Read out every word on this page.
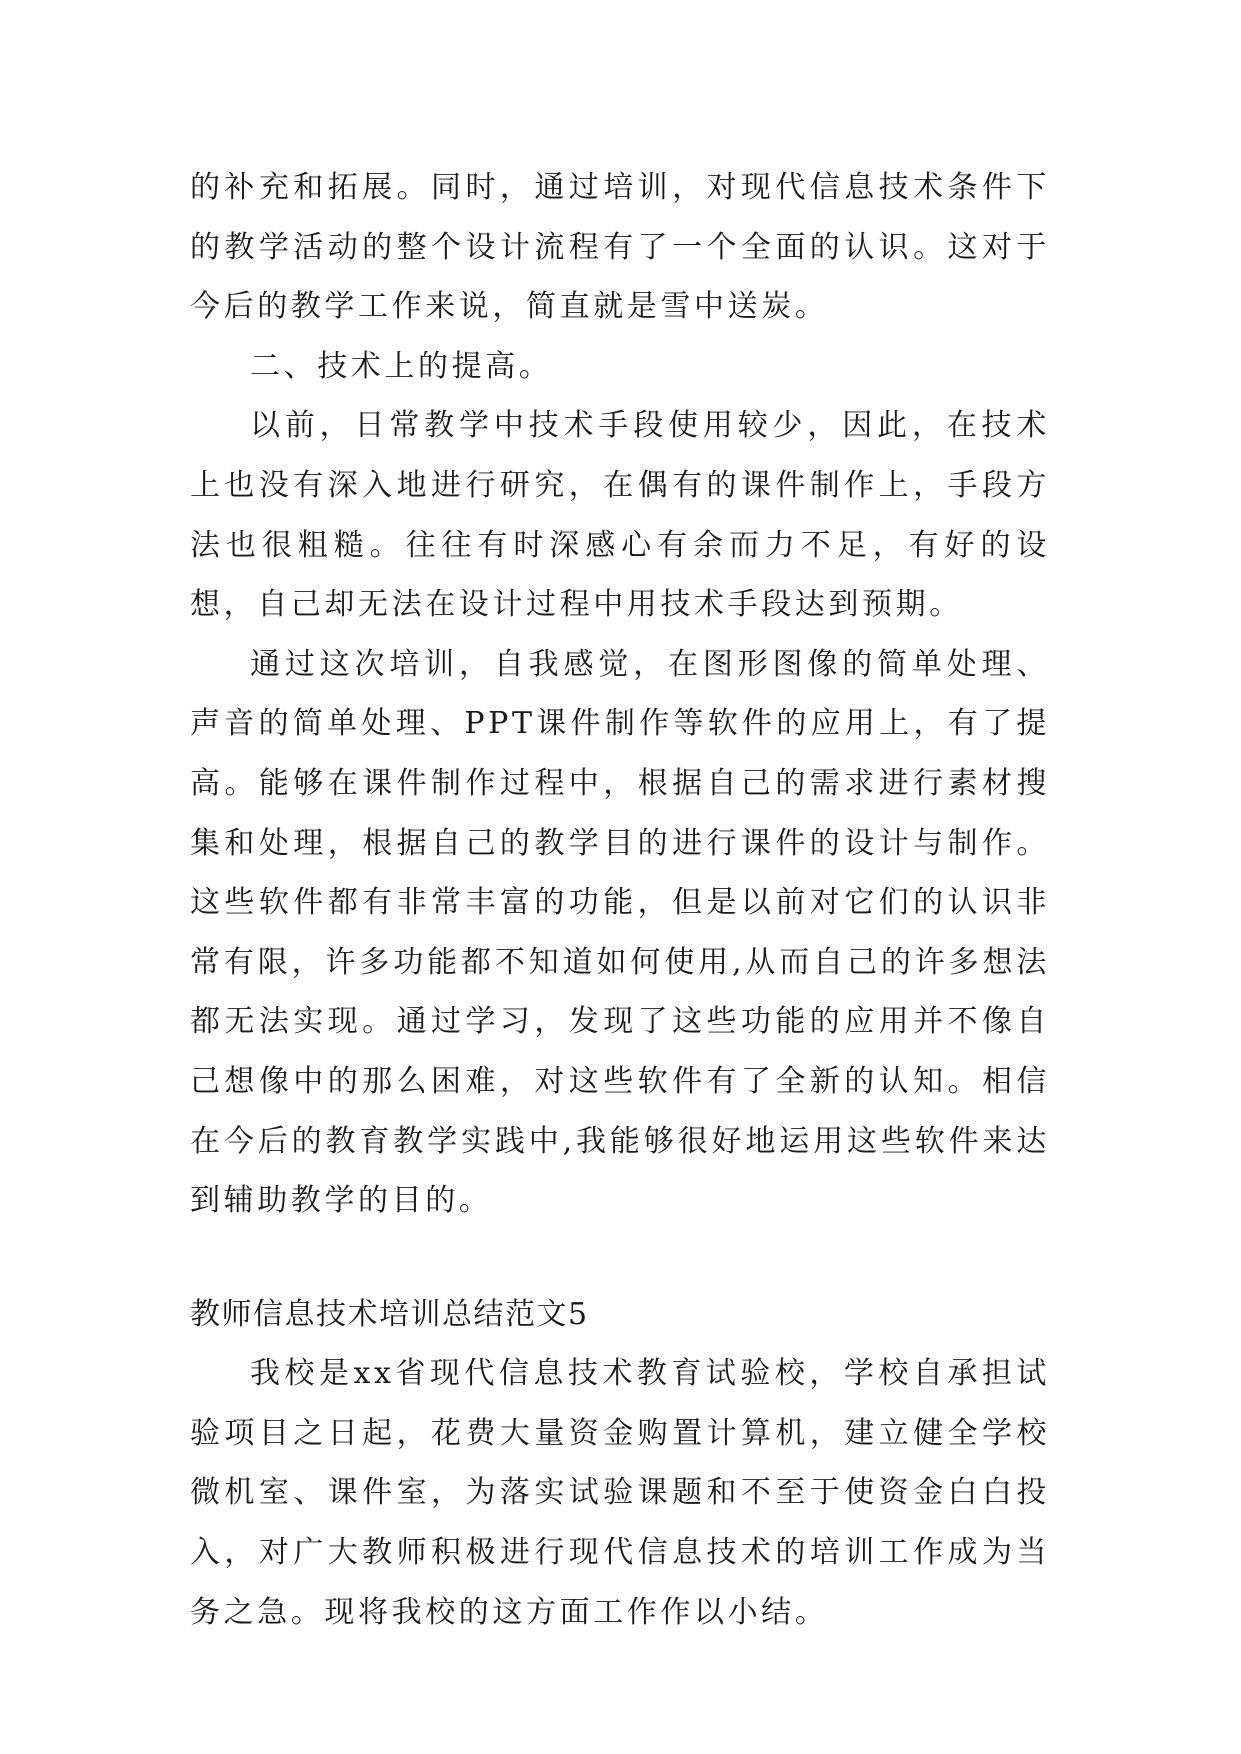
的补充和拓展。同时，通过培训，对现代信息技术条件下的教学活动的整个设计流程有了一个全面的认识。这对于今后的教学工作来说，简直就是雪中送炭。

二、技术上的提高。

以前，日常教学中技术手段使用较少，因此，在技术上也没有深入地进行研究，在偶有的课件制作上，手段方法也很粗糙。往往有时深感心有余而力不足，有好的设想，自己却无法在设计过程中用技术手段达到预期。

通过这次培训，自我感觉，在图形图像的简单处理、声音的简单处理、PPT课件制作等软件的应用上，有了提高。能够在课件制作过程中，根据自己的需求进行素材搜集和处理，根据自己的教学目的进行课件的设计与制作。这些软件都有非常丰富的功能，但是以前对它们的认识非常有限，许多功能都不知道如何使用,从而自己的许多想法都无法实现。通过学习，发现了这些功能的应用并不像自己想像中的那么困难，对这些软件有了全新的认知。相信在今后的教育教学实践中,我能够很好地运用这些软件来达到辅助教学的目的。

教师信息技术培训总结范文5

我校是xx省现代信息技术教育试验校，学校自承担试验项目之日起，花费大量资金购置计算机，建立健全学校微机室、课件室，为落实试验课题和不至于使资金白白投入，对广大教师积极进行现代信息技术的培训工作成为当务之急。现将我校的这方面工作作以小结。
